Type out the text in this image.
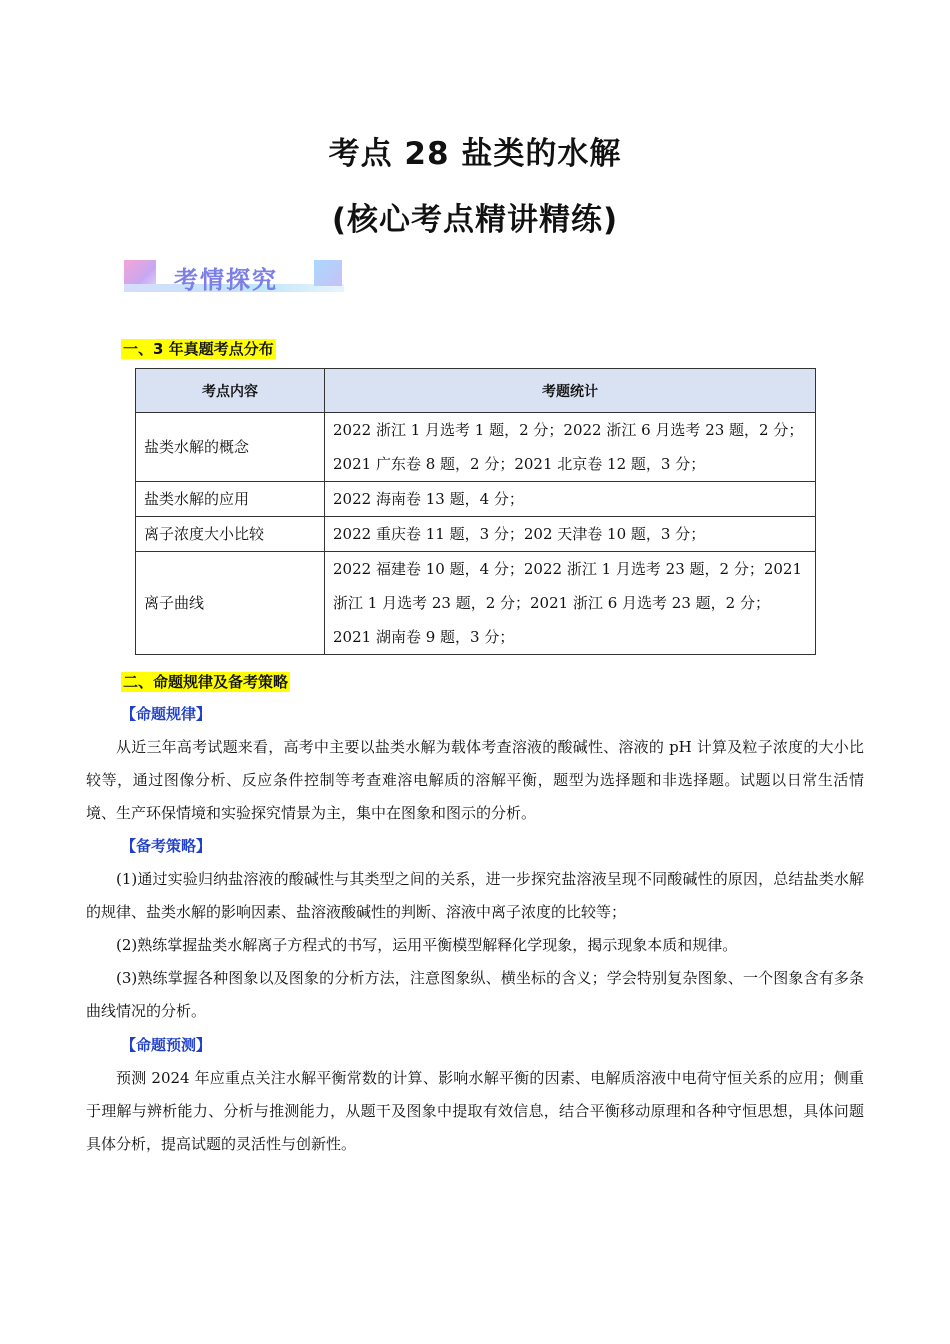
考点 28 盐类的水解
(核心考点精讲精练)
考情探究
一、3 年真题考点分布
考点内容	考题统计
盐类水解的概念	2022 浙江 1 月选考 1 题，2 分；2022 浙江 6 月选考 23 题，2 分；2021 广东卷 8 题，2 分；2021 北京卷 12 题，3 分；
盐类水解的应用	2022 海南卷 13 题，4 分；
离子浓度大小比较	2022 重庆卷 11 题，3 分；202 天津卷 10 题，3 分；
离子曲线	2022 福建卷 10 题，4 分；2022 浙江 1 月选考 23 题，2 分；2021 浙江 1 月选考 23 题，2 分；2021 浙江 6 月选考 23 题，2 分；2021 湖南卷 9 题，3 分；
二、命题规律及备考策略
【命题规律】
从近三年高考试题来看，高考中主要以盐类水解为载体考查溶液的酸碱性、溶液的 pH 计算及粒子浓度的大小比较等，通过图像分析、反应条件控制等考查难溶电解质的溶解平衡，题型为选择题和非选择题。试题以日常生活情境、生产环保情境和实验探究情景为主，集中在图象和图示的分析。
【备考策略】
(1)通过实验归纳盐溶液的酸碱性与其类型之间的关系，进一步探究盐溶液呈现不同酸碱性的原因，总结盐类水解的规律、盐类水解的影响因素、盐溶液酸碱性的判断、溶液中离子浓度的比较等；
(2)熟练掌握盐类水解离子方程式的书写，运用平衡模型解释化学现象，揭示现象本质和规律。
(3)熟练掌握各种图象以及图象的分析方法，注意图象纵、横坐标的含义；学会特别复杂图象、一个图象含有多条曲线情况的分析。
【命题预测】
预测 2024 年应重点关注水解平衡常数的计算、影响水解平衡的因素、电解质溶液中电荷守恒关系的应用；侧重于理解与辨析能力、分析与推测能力，从题干及图象中提取有效信息，结合平衡移动原理和各种守恒思想，具体问题具体分析，提高试题的灵活性与创新性。
